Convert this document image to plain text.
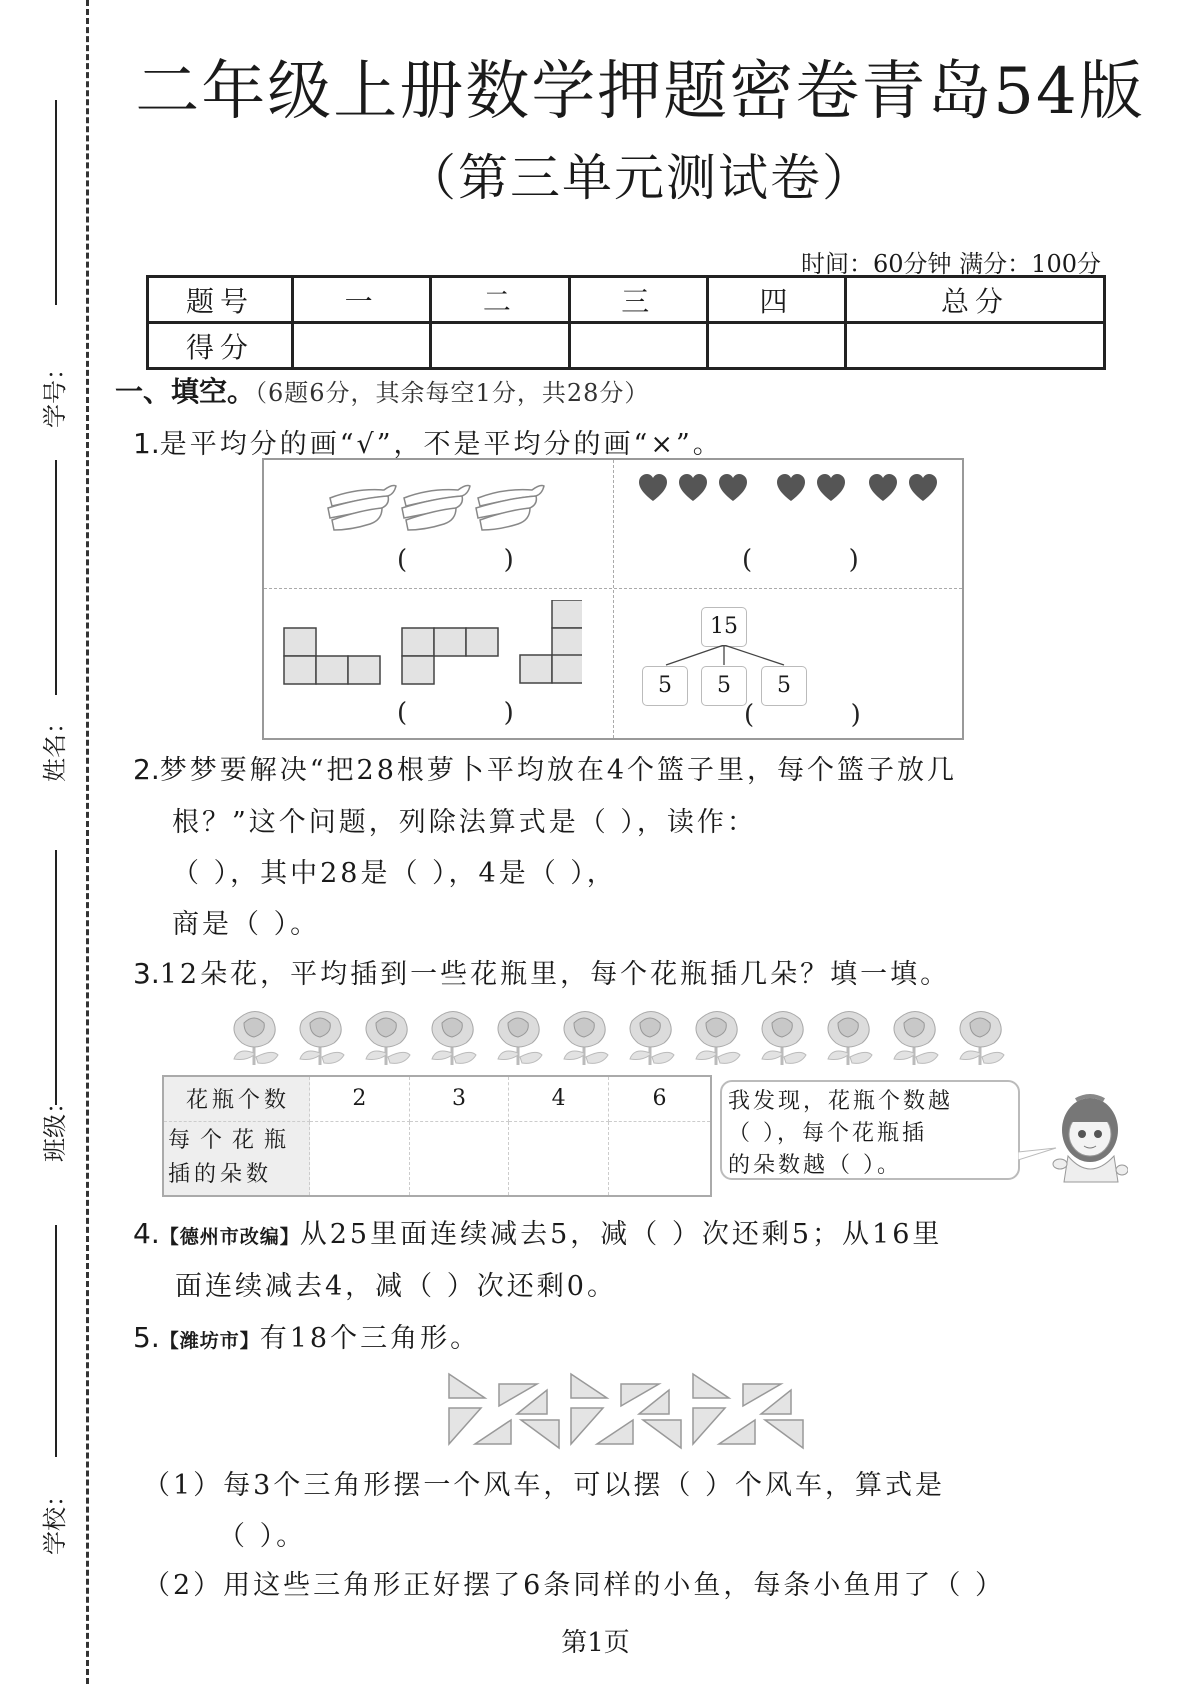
学号：
姓名：
班级：
学校：
二年级上册数学押题密卷青岛54版
（第三单元测试卷）
时间：60分钟 满分：100分
题号	一	二	三	四	总分
得分					
一、填空。（6题6分，其余每空1分，共28分）
1.是平均分的画“√”，不是平均分的画“×”。
(  )	(  )
(  )
15
5	5	5
(  )
2.梦梦要解决“把28根萝卜平均放在4个篮子里，每个篮子放几
根？”这个问题，列除法算式是（ ），读作：
（ ），其中28是（ ），4是（ ），
商是（ ）。
3.12朵花，平均插到一些花瓶里，每个花瓶插几朵？填一填。
花瓶个数	2	3	4	6

每个花瓶
插的朵数				

我发现，花瓶个数越
（ ），每个花瓶插
的朵数越（ ）。
4.【德州市改编】从25里面连续减去5，减（ ）次还剩5；从16里
面连续减去4，减（ ）次还剩0。
5.【潍坊市】有18个三角形。
（1）每3个三角形摆一个风车，可以摆（ ）个风车，算式是
（ ）。
（2）用这些三角形正好摆了6条同样的小鱼，每条小鱼用了（ ）
第1页
